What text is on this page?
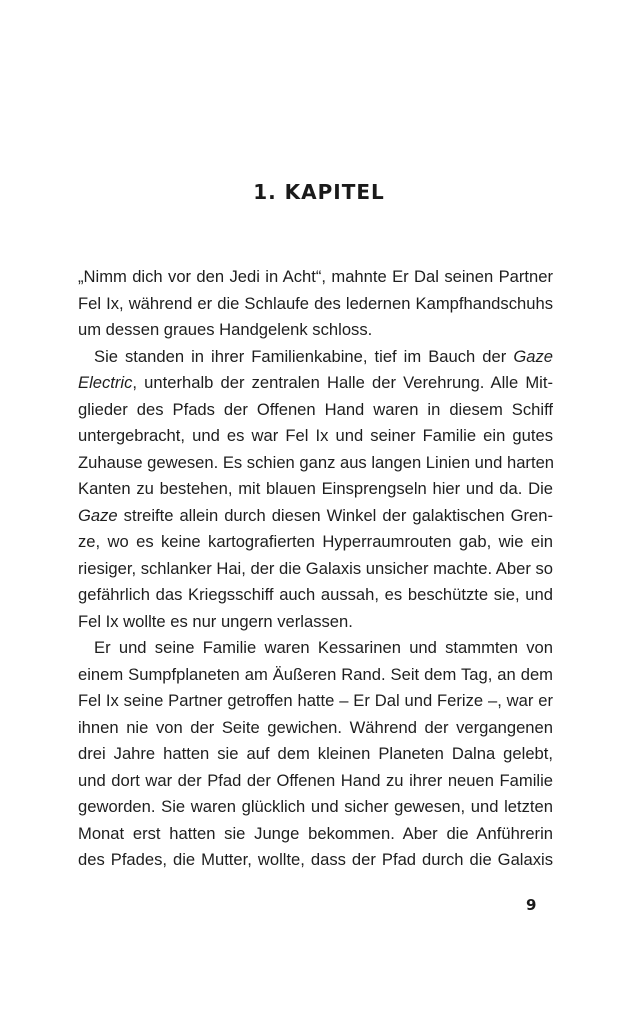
1. KAPITEL
„Nimm dich vor den Jedi in Acht“, mahnte Er Dal seinen Partner
Fel Ix, während er die Schlaufe des ledernen Kampfhandschuhs
um dessen graues Handgelenk schloss.
Sie standen in ihrer Familienkabine, tief im Bauch der Gaze
Electric, unterhalb der zentralen Halle der Verehrung. Alle Mit-
glieder des Pfads der Offenen Hand waren in diesem Schiff
untergebracht, und es war Fel Ix und seiner Familie ein gutes
Zuhause gewesen. Es schien ganz aus langen Linien und harten
Kanten zu bestehen, mit blauen Einsprengseln hier und da. Die
Gaze streifte allein durch diesen Winkel der galaktischen Gren-
ze, wo es keine kartografierten Hyperraumrouten gab, wie ein
riesiger, schlanker Hai, der die Galaxis unsicher machte. Aber so
gefährlich das Kriegsschiff auch aussah, es beschützte sie, und
Fel Ix wollte es nur ungern verlassen.
Er und seine Familie waren Kessarinen und stammten von
einem Sumpfplaneten am Äußeren Rand. Seit dem Tag, an dem
Fel Ix seine Partner getroffen hatte – Er Dal und Ferize –, war er
ihnen nie von der Seite gewichen. Während der vergangenen
drei Jahre hatten sie auf dem kleinen Planeten Dalna gelebt,
und dort war der Pfad der Offenen Hand zu ihrer neuen Familie
geworden. Sie waren glücklich und sicher gewesen, und letzten
Monat erst hatten sie Junge bekommen. Aber die Anführerin
des Pfades, die Mutter, wollte, dass der Pfad durch die Galaxis
9
